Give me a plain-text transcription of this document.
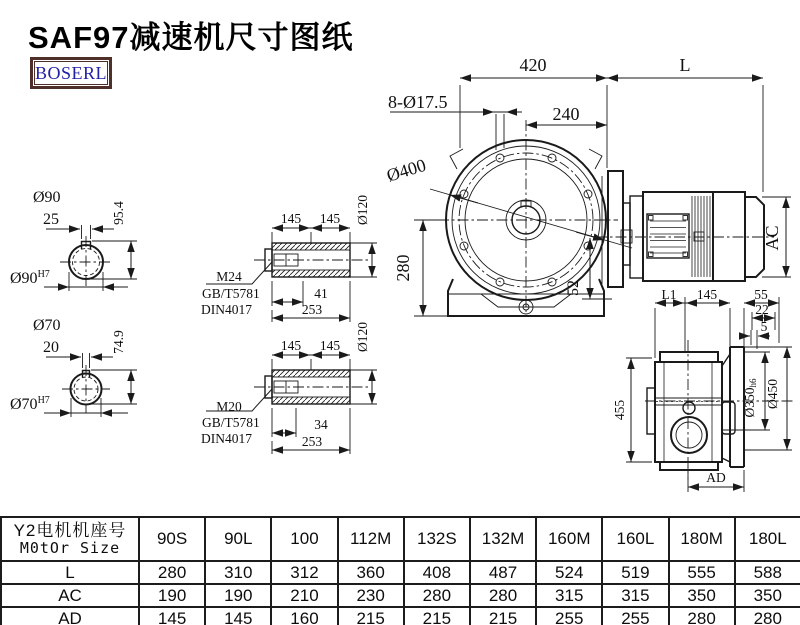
SAF97减速机尺寸图纸
BOSERL
Ø90
25	95.4
$Ø90^{H7}$
Ø70
20	74.9
$Ø70^{H7}$
145 145 Ø120
M24
GB/T5781
DIN4017
41
253
145 145 Ø120
M20
GB/T5781
DIN4017
34
253
420	L
240
8-Ø17.5
Ø400
280
52
AC
L1 145	55
22
5
455	Ø350h6 Ø450
AD
Y2电机机座号
M0tOr Size	90S	90L	100	112M	132S	132M	160M	160L	180M	180L
L	280	310	312	360	408	487	524	519	555	588
AC	190	190	210	230	280	280	315	315	350	350
AD	145	145	160	215	215	215	255	255	280	280
